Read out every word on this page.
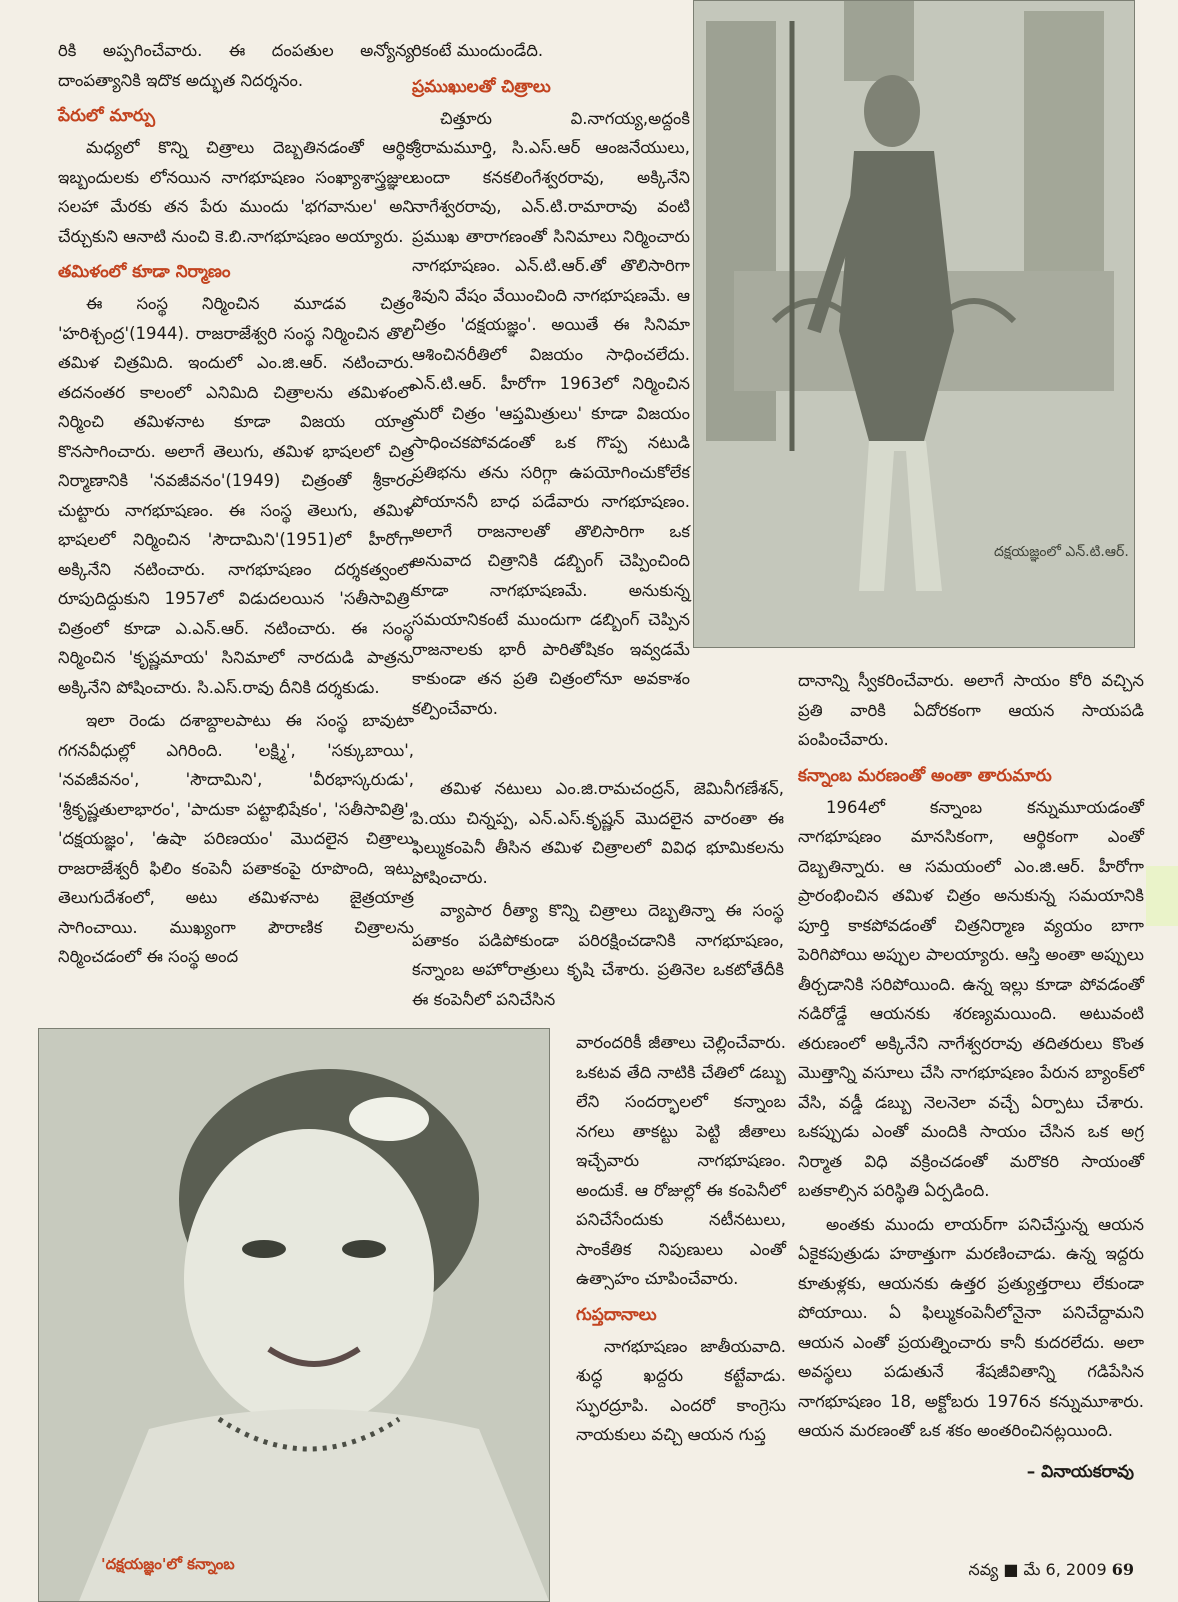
రికి అప్పగించేవారు. ఈ దంపతుల అన్యోన్య దాంపత్యానికి ఇదొక అద్భుత నిదర్శనం.

పేరులో మార్పు

మధ్యలో కొన్ని చిత్రాలు దెబ్బతినడంతో ఆర్థిక ఇబ్బందులకు లోనయిన నాగభూషణం సంఖ్యాశాస్త్రజ్ఞుల సలహా మేరకు తన పేరు ముందు 'భగవానుల' అని చేర్చుకుని ఆనాటి నుంచి కె.బి.నాగభూషణం అయ్యారు.

తమిళంలో కూడా నిర్మాణం

ఈ సంస్థ నిర్మించిన మూడవ చిత్రం 'హరిశ్చంద్ర'(1944). రాజరాజేశ్వరి సంస్థ నిర్మించిన తొలి తమిళ చిత్రమిది. ఇందులో ఎం.జి.ఆర్. నటించారు. తదనంతర కాలంలో ఎనిమిది చిత్రాలను తమిళంలో నిర్మించి తమిళనాట కూడా విజయ యాత్ర కొనసాగించారు. అలాగే తెలుగు, తమిళ భాషలలో చిత్ర నిర్మాణానికి 'నవజీవనం'(1949) చిత్రంతో శ్రీకారం చుట్టారు నాగభూషణం. ఈ సంస్థ తెలుగు, తమిళ భాషలలో నిర్మించిన 'సౌదామిని'(1951)లో హీరోగా అక్కినేని నటించారు. నాగభూషణం దర్శకత్వంలో రూపుదిద్దుకుని 1957లో విడుదలయిన 'సతీసావిత్రి' చిత్రంలో కూడా ఎ.ఎన్.ఆర్. నటించారు. ఈ సంస్థ నిర్మించిన 'కృష్ణమాయ' సినిమాలో నారదుడి పాత్రను అక్కినేని పోషించారు. సి.ఎస్.రావు దీనికి దర్శకుడు.

ఇలా రెండు దశాబ్దాలపాటు ఈ సంస్థ బావుటా గగనవీధుల్లో ఎగిరింది. 'లక్ష్మి', 'సక్కుబాయి', 'నవజీవనం', 'సౌదామిని', 'వీరభాస్కరుడు', 'శ్రీకృష్ణతులాభారం', 'పాదుకా పట్టాభిషేకం', 'సతీసావిత్రి', 'దక్షయజ్ఞం', 'ఉషా పరిణయం' మొదలైన చిత్రాలు రాజరాజేశ్వరీ ఫిలిం కంపెనీ పతాకంపై రూపొంది, ఇటు తెలుగుదేశంలో, అటు తమిళనాట జైత్రయాత్ర సాగించాయి. ముఖ్యంగా పౌరాణిక చిత్రాలను నిర్మించడంలో ఈ సంస్థ అంద

రికంటే ముందుండేది.

ప్రముఖులతో చిత్రాలు

చిత్తూరు వి.నాగయ్య,అద్దంకి శ్రీరామమూర్తి, సి.ఎస్.ఆర్ ఆంజనేయులు, బందా కనకలింగేశ్వరరావు, అక్కినేని నాగేశ్వరరావు, ఎన్.టి.రామారావు వంటి ప్రముఖ తారాగణంతో సినిమాలు నిర్మించారు నాగభూషణం. ఎన్.టి.ఆర్.తో తొలిసారిగా శివుని వేషం వేయించింది నాగభూషణమే. ఆ చిత్రం 'దక్షయజ్ఞం'. అయితే ఈ సినిమా ఆశించినరీతిలో విజయం సాధించలేదు. ఎన్.టి.ఆర్. హీరోగా 1963లో నిర్మించిన మరో చిత్రం 'ఆప్తమిత్రులు' కూడా విజయం సాధించకపోవడంతో ఒక గొప్ప నటుడి ప్రతిభను తను సరిగ్గా ఉపయోగించుకోలేక పోయాననీ బాధ పడేవారు నాగభూషణం. అలాగే రాజనాలతో తొలిసారిగా ఒక అనువాద చిత్రానికి డబ్బింగ్ చెప్పించింది కూడా నాగభూషణమే. అనుకున్న సమయానికంటే ముందుగా డబ్బింగ్ చెప్పిన రాజనాలకు భారీ పారితోషికం ఇవ్వడమే కాకుండా తన ప్రతి చిత్రంలోనూ అవకాశం కల్పించేవారు.

తమిళ నటులు ఎం.జి.రామచంద్రన్, జెమినీగణేశన్, పి.యు చిన్నప్ప, ఎన్.ఎస్.కృష్ణన్ మొదలైన వారంతా ఈ ఫిల్ముకంపెనీ తీసిన తమిళ చిత్రాలలో వివిధ భూమికలను పోషించారు.

వ్యాపార రీత్యా కొన్ని చిత్రాలు దెబ్బతిన్నా ఈ సంస్థ పతాకం పడిపోకుండా పరిరక్షించడానికి నాగభూషణం, కన్నాంబ అహోరాత్రులు కృషి చేశారు. ప్రతినెల ఒకటోతేదీకి ఈ కంపెనీలో పనిచేసిన

వారందరికీ జీతాలు చెల్లించేవారు. ఒకటవ తేది నాటికి చేతిలో డబ్బు లేని సందర్భాలలో కన్నాంబ నగలు తాకట్టు పెట్టి జీతాలు ఇచ్చేవారు నాగభూషణం. అందుకే. ఆ రోజుల్లో ఈ కంపెనీలో పనిచేసేందుకు నటీనటులు, సాంకేతిక నిపుణులు ఎంతో ఉత్సాహం చూపించేవారు.

గుప్తదానాలు

నాగభూషణం జాతీయవాది. శుద్ధ ఖద్దరు కట్టేవాడు. స్ఫురద్రూపి. ఎందరో కాంగ్రెసు నాయకులు వచ్చి ఆయన గుప్త

దానాన్ని స్వీకరించేవారు. అలాగే సాయం కోరి వచ్చిన ప్రతి వారికి ఏదోరకంగా ఆయన సాయపడి పంపించేవారు.

కన్నాంబ మరణంతో అంతా తారుమారు

1964లో కన్నాంబ కన్నుమూయడంతో నాగభూషణం మానసికంగా, ఆర్థికంగా ఎంతో దెబ్బతిన్నారు. ఆ సమయంలో ఎం.జి.ఆర్. హీరోగా ప్రారంభించిన తమిళ చిత్రం అనుకున్న సమయానికి పూర్తి కాకపోవడంతో చిత్రనిర్మాణ వ్యయం బాగా పెరిగిపోయి అప్పుల పాలయ్యారు. ఆస్తి అంతా అప్పులు తీర్చడానికి సరిపోయింది. ఉన్న ఇల్లు కూడా పోవడంతో నడిరోడ్డే ఆయనకు శరణ్యమయింది. అటువంటి తరుణంలో అక్కినేని నాగేశ్వరరావు తదితరులు కొంత మొత్తాన్ని వసూలు చేసి నాగభూషణం పేరున బ్యాంక్‌లో వేసి, వడ్డీ డబ్బు నెలనెలా వచ్చే ఏర్పాటు చేశారు. ఒకప్పుడు ఎంతో మందికి సాయం చేసిన ఒక అగ్ర నిర్మాత విధి వక్రించడంతో మరొకరి సాయంతో బతకాల్సిన పరిస్థితి ఏర్పడింది.

అంతకు ముందు లాయర్‌గా పనిచేస్తున్న ఆయన ఏకైకపుత్రుడు హఠాత్తుగా మరణించాడు. ఉన్న ఇద్దరు కూతుళ్లకు, ఆయనకు ఉత్తర ప్రత్యుత్తరాలు లేకుండా పోయాయి. ఏ ఫిల్ముకంపెనీలోనైనా పనిచేద్దామని ఆయన ఎంతో ప్రయత్నించారు కానీ కుదరలేదు. అలా అవస్థలు పడుతునే శేషజీవితాన్ని గడిపేసిన నాగభూషణం 18, అక్టోబరు 1976న కన్నుమూశారు. ఆయన మరణంతో ఒక శకం అంతరించినట్లయింది.

– వినాయకరావు
దక్షయజ్ఞంలో ఎన్.టి.ఆర్.
'దక్షయజ్ఞం'లో కన్నాంబ	నవ్య ■ మే 6, 2009 69
